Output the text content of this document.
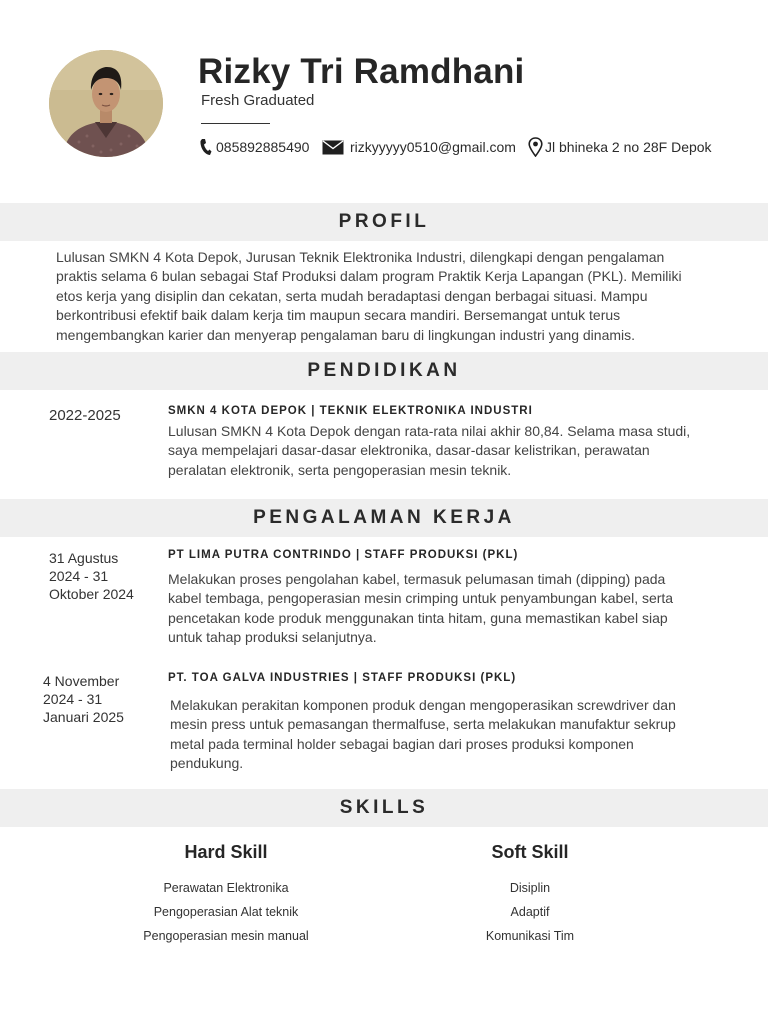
Rizky Tri Ramdhani
Fresh Graduated
085892885490	rizkyyyyy0510@gmail.com Jl bhineka 2 no 28F Depok
PROFIL
Lulusan SMKN 4 Kota Depok, Jurusan Teknik Elektronika Industri, dilengkapi dengan pengalaman
praktis selama 6 bulan sebagai Staf Produksi dalam program Praktik Kerja Lapangan (PKL). Memiliki
etos kerja yang disiplin dan cekatan, serta mudah beradaptasi dengan berbagai situasi. Mampu
berkontribusi efektif baik dalam kerja tim maupun secara mandiri. Bersemangat untuk terus
mengembangkan karier dan menyerap pengalaman baru di lingkungan industri yang dinamis.
PENDIDIKAN
2022-2025	SMKN 4 KOTA DEPOK | TEKNIK ELEKTRONIKA INDUSTRI
Lulusan SMKN 4 Kota Depok dengan rata-rata nilai akhir 80,84. Selama masa studi,
saya mempelajari dasar-dasar elektronika, dasar-dasar kelistrikan, perawatan
peralatan elektronik, serta pengoperasian mesin teknik.
PENGALAMAN KERJA
31 Agustus
2024 - 31
Oktober 2024
PT LIMA PUTRA CONTRINDO | STAFF PRODUKSI (PKL)
Melakukan proses pengolahan kabel, termasuk pelumasan timah (dipping) pada
kabel tembaga, pengoperasian mesin crimping untuk penyambungan kabel, serta
pencetakan kode produk menggunakan tinta hitam, guna memastikan kabel siap
untuk tahap produksi selanjutnya.
4 November
2024 - 31
Januari 2025
PT. TOA GALVA INDUSTRIES | STAFF PRODUKSI (PKL)
Melakukan perakitan komponen produk dengan mengoperasikan screwdriver dan
mesin press untuk pemasangan thermalfuse, serta melakukan manufaktur sekrup
metal pada terminal holder sebagai bagian dari proses produksi komponen
pendukung.
SKILLS
Hard Skill
Perawatan Elektronika
Pengoperasian Alat teknik
Pengoperasian mesin manual
Soft Skill
Disiplin
Adaptif
Komunikasi Tim
